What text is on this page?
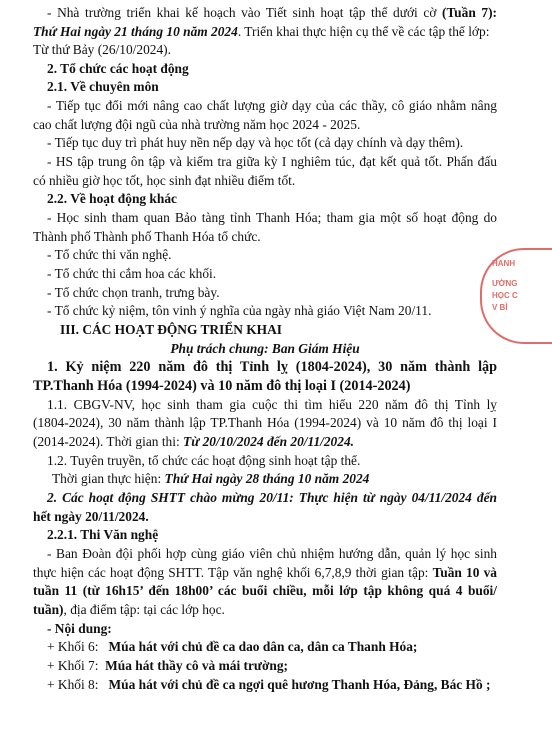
- Nhà trường triển khai kế hoạch vào Tiết sinh hoạt tập thể dưới cờ (Tuần 7):
Thứ Hai ngày 21 tháng 10 năm 2024. Triển khai thực hiện cụ thể về các tập thể lớp:
Từ thứ Bảy (26/10/2024).
2. Tổ chức các hoạt động
2.1. Về chuyên môn
- Tiếp tục đổi mới nâng cao chất lượng giờ dạy của các thầy, cô giáo nhằm nâng
cao chất lượng đội ngũ của nhà trường năm học 2024 - 2025.
- Tiếp tục duy trì phát huy nền nếp dạy và học tốt (cả dạy chính và dạy thêm).
- HS tập trung ôn tập và kiểm tra giữa kỳ I nghiêm túc, đạt kết quả tốt. Phấn đấu
có nhiều giờ học tốt, học sinh đạt nhiều điểm tốt.
2.2. Về hoạt động khác
- Học sinh tham quan Bảo tàng tỉnh Thanh Hóa; tham gia một số hoạt động do
Thành phố Thành phố Thanh Hóa tổ chức.
- Tổ chức thi văn nghệ.
- Tổ chức thi cắm hoa các khối.
- Tổ chức chọn tranh, trưng bày.
- Tổ chức kỷ niệm, tôn vinh ý nghĩa của ngày nhà giáo Việt Nam 20/11.
III. CÁC HOẠT ĐỘNG TRIỂN KHAI
Phụ trách chung: Ban Giám Hiệu
1. Kỷ niệm 220 năm đô thị Tỉnh lỵ (1804-2024), 30 năm thành lập
TP.Thanh Hóa (1994-2024) và 10 năm đô thị loại I (2014-2024)
1.1. CBGV-NV, học sinh tham gia cuộc thi tìm hiểu 220 năm đô thị Tỉnh lỵ
(1804-2024), 30 năm thành lập TP.Thanh Hóa (1994-2024) và 10 năm đô thị loại I
(2014-2024). Thời gian thi: Từ 20/10/2024 đến 20/11/2024.
1.2. Tuyên truyền, tổ chức các hoạt động sinh hoạt tập thể.
Thời gian thực hiện: Thứ Hai ngày 28 tháng 10 năm 2024
2. Các hoạt động SHTT chào mừng 20/11: Thực hiện từ ngày 04/11/2024 đến
hết ngày 20/11/2024.
2.2.1. Thi Văn nghệ
- Ban Đoàn đội phối hợp cùng giáo viên chủ nhiệm hướng dẫn, quản lý học sinh
thực hiện các hoạt động SHTT. Tập văn nghệ khối 6,7,8,9 thời gian tập: Tuần 10 và
tuần 11 (từ 16h15’ đến 18h00’ các buổi chiều, mỗi lớp tập không quá 4 buổi/
tuần), địa điểm tập: tại các lớp học.
- Nội dung:
+ Khối 6: Múa hát với chủ đề ca dao dân ca, dân ca Thanh Hóa;
+ Khối 7: Múa hát thầy cô và mái trường;
+ Khối 8: Múa hát với chủ đề ca ngợi quê hương Thanh Hóa, Đảng, Bác Hồ ;
HANH
ƯỜNG
HỌC C
V BÌ
